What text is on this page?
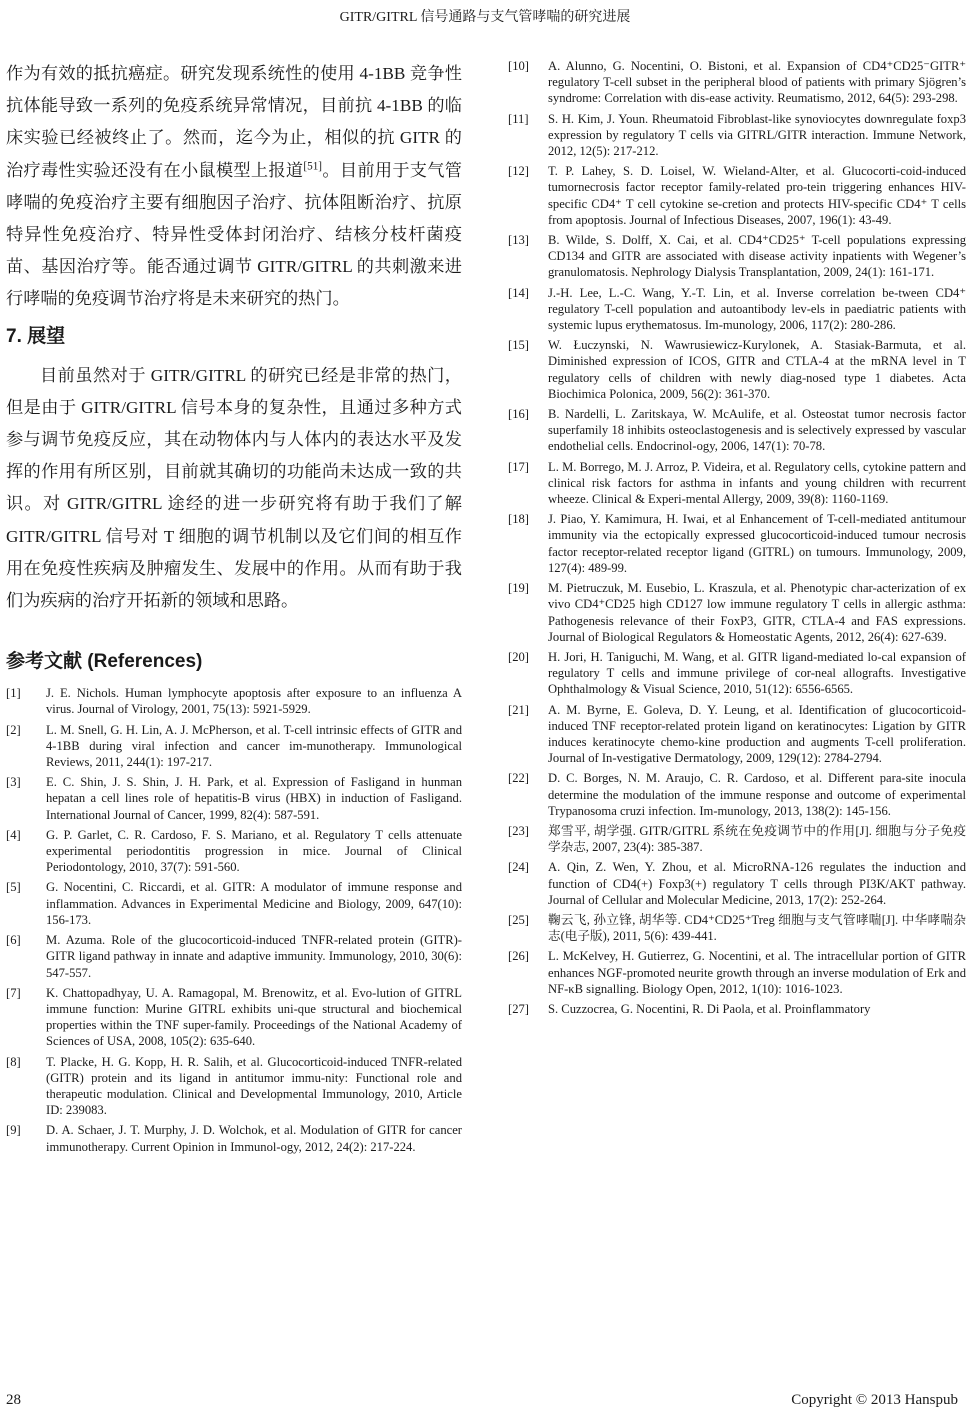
GITR/GITRL 信号通路与支气管哮喘的研究进展

作为有效的抵抗癌症。研究发现系统性的使用 4-1BB 竞争性抗体能导致一系列的免疫系统异常情况，目前抗 4-1BB 的临床实验已经被终止了。然而，迄今为止，相似的抗 GITR 的治疗毒性实验还没有在小鼠模型上报道[51]。目前用于支气管哮喘的免疫治疗主要有细胞因子治疗、抗体阻断治疗、抗原特异性免疫治疗、特异性受体封闭治疗、结核分枝杆菌疫苗、基因治疗等。能否通过调节 GITR/GITRL 的共刺激来进行哮喘的免疫调节治疗将是未来研究的热门。

7. 展望

目前虽然对于 GITR/GITRL 的研究已经是非常的热门，但是由于 GITR/GITRL 信号本身的复杂性，且通过多种方式参与调节免疫反应，其在动物体内与人体内的表达水平及发挥的作用有所区别，目前就其确切的功能尚未达成一致的共识。对 GITR/GITRL 途经的进一步研究将有助于我们了解 GITR/GITRL 信号对 T 细胞的调节机制以及它们间的相互作用在免疫性疾病及肿瘤发生、发展中的作用。从而有助于我们为疾病的治疗开拓新的领域和思路。

参考文献 (References)
[1]	J. E. Nichols. Human lymphocyte apoptosis after exposure to an influenza A virus. Journal of Virology, 2001, 75(13): 5921-5929.
[2]	L. M. Snell, G. H. Lin, A. J. McPherson, et al. T-cell intrinsic effects of GITR and 4-1BB during viral infection and cancer im-munotherapy. Immunological Reviews, 2011, 244(1): 197-217.
[3]	E. C. Shin, J. S. Shin, J. H. Park, et al. Expression of Fasligand in hunman hepatan a cell lines role of hepatitis-B virus (HBX) in induction of Fasligand. International Journal of Cancer, 1999, 82(4): 587-591.
[4]	G. P. Garlet, C. R. Cardoso, F. S. Mariano, et al. Regulatory T cells attenuate experimental periodontitis progression in mice. Journal of Clinical Periodontology, 2010, 37(7): 591-560.
[5]	G. Nocentini, C. Riccardi, et al. GITR: A modulator of immune response and inflammation. Advances in Experimental Medicine and Biology, 2009, 647(10): 156-173.
[6]	M. Azuma. Role of the glucocorticoid-induced TNFR-related protein (GITR)-GITR ligand pathway in innate and adaptive immunity. Immunology, 2010, 30(6): 547-557.
[7]	K. Chattopadhyay, U. A. Ramagopal, M. Brenowitz, et al. Evo-lution of GITRL immune function: Murine GITRL exhibits uni-que structural and biochemical properties within the TNF super-family. Proceedings of the National Academy of Sciences of USA, 2008, 105(2): 635-640.
[8]	T. Placke, H. G. Kopp, H. R. Salih, et al. Glucocorticoid-induced TNFR-related (GITR) protein and its ligand in antitumor immu-nity: Functional role and therapeutic modulation. Clinical and Developmental Immunology, 2010, Article ID: 239083.
[9]	D. A. Schaer, J. T. Murphy, J. D. Wolchok, et al. Modulation of GITR for cancer immunotherapy. Current Opinion in Immunol-ogy, 2012, 24(2): 217-224.
[10]	A. Alunno, G. Nocentini, O. Bistoni, et al. Expansion of CD4⁺CD25⁻GITR⁺ regulatory T-cell subset in the peripheral blood of patients with primary Sjögren’s syndrome: Correlation with dis-ease activity. Reumatismo, 2012, 64(5): 293-298.
[11]	S. H. Kim, J. Youn. Rheumatoid Fibroblast-like synoviocytes downregulate foxp3 expression by regulatory T cells via GITRL/GITR interaction. Immune Network, 2012, 12(5): 217-212.
[12]	T. P. Lahey, S. D. Loisel, W. Wieland-Alter, et al. Glucocorti-coid-induced tumornecrosis factor receptor family-related pro-tein triggering enhances HIV-specific CD4⁺ T cell cytokine se-cretion and protects HIV-specific CD4⁺ T cells from apoptosis. Journal of Infectious Diseases, 2007, 196(1): 43-49.
[13]	B. Wilde, S. Dolff, X. Cai, et al. CD4⁺CD25⁺ T-cell populations expressing CD134 and GITR are associated with disease activity inpatients with Wegener’s granulomatosis. Nephrology Dialysis Transplantation, 2009, 24(1): 161-171.
[14]	J.-H. Lee, L.-C. Wang, Y.-T. Lin, et al. Inverse correlation be-tween CD4⁺ regulatory T-cell population and autoantibody lev-els in paediatric patients with systemic lupus erythematosus. Im-munology, 2006, 117(2): 280-286.
[15]	W. Łuczynski, N. Wawrusiewicz-Kurylonek, A. Stasiak-Barmuta, et al. Diminished expression of ICOS, GITR and CTLA-4 at the mRNA level in T regulatory cells of children with newly diag-nosed type 1 diabetes. Acta Biochimica Polonica, 2009, 56(2): 361-370.
[16]	B. Nardelli, L. Zaritskaya, W. McAulife, et al. Osteostat tumor necrosis factor superfamily 18 inhibits osteoclastogenesis and is selectively expressed by vascular endothelial cells. Endocrinol-ogy, 2006, 147(1): 70-78.
[17]	L. M. Borrego, M. J. Arroz, P. Videira, et al. Regulatory cells, cytokine pattern and clinical risk factors for asthma in infants and young children with recurrent wheeze. Clinical & Experi-mental Allergy, 2009, 39(8): 1160-1169.
[18]	J. Piao, Y. Kamimura, H. Iwai, et al Enhancement of T-cell-mediated antitumour immunity via the ectopically expressed glucocorticoid-induced tumour necrosis factor receptor-related receptor ligand (GITRL) on tumours. Immunology, 2009, 127(4): 489-99.
[19]	M. Pietruczuk, M. Eusebio, L. Kraszula, et al. Phenotypic char-acterization of ex vivo CD4⁺CD25 high CD127 low immune regulatory T cells in allergic asthma: Pathogenesis relevance of their FoxP3, GITR, CTLA-4 and FAS expressions. Journal of Biological Regulators & Homeostatic Agents, 2012, 26(4): 627-639.
[20]	H. Jori, H. Taniguchi, M. Wang, et al. GITR ligand-mediated lo-cal expansion of regulatory T cells and immune privilege of cor-neal allografts. Investigative Ophthalmology & Visual Science, 2010, 51(12): 6556-6565.
[21]	A. M. Byrne, E. Goleva, D. Y. Leung, et al. Identification of glucocorticoid-induced TNF receptor-related protein ligand on keratinocytes: Ligation by GITR induces keratinocyte chemo-kine production and augments T-cell proliferation. Journal of In-vestigative Dermatology, 2009, 129(12): 2784-2794.
[22]	D. C. Borges, N. M. Araujo, C. R. Cardoso, et al. Different para-site inocula determine the modulation of the immune response and outcome of experimental Trypanosoma cruzi infection. Im-munology, 2013, 138(2): 145-156.
[23]	郑雪平, 胡学强. GITR/GITRL 系统在免疫调节中的作用[J]. 细胞与分子免疫学杂志, 2007, 23(4): 385-387.
[24]	A. Qin, Z. Wen, Y. Zhou, et al. MicroRNA-126 regulates the induction and function of CD4(+) Foxp3(+) regulatory T cells through PI3K/AKT pathway. Journal of Cellular and Molecular Medicine, 2013, 17(2): 252-264.
[25]	鞠云飞, 孙立锋, 胡华等. CD4⁺CD25⁺Treg 细胞与支气管哮喘[J]. 中华哮喘杂志(电子版), 2011, 5(6): 439-441.
[26]	L. McKelvey, H. Gutierrez, G. Nocentini, et al. The intracellular portion of GITR enhances NGF-promoted neurite growth through an inverse modulation of Erk and NF-κB signalling. Biology Open, 2012, 1(10): 1016-1023.
[27]	S. Cuzzocrea, G. Nocentini, R. Di Paola, et al. Proinflammatory
28	Copyright © 2013 Hanspub
